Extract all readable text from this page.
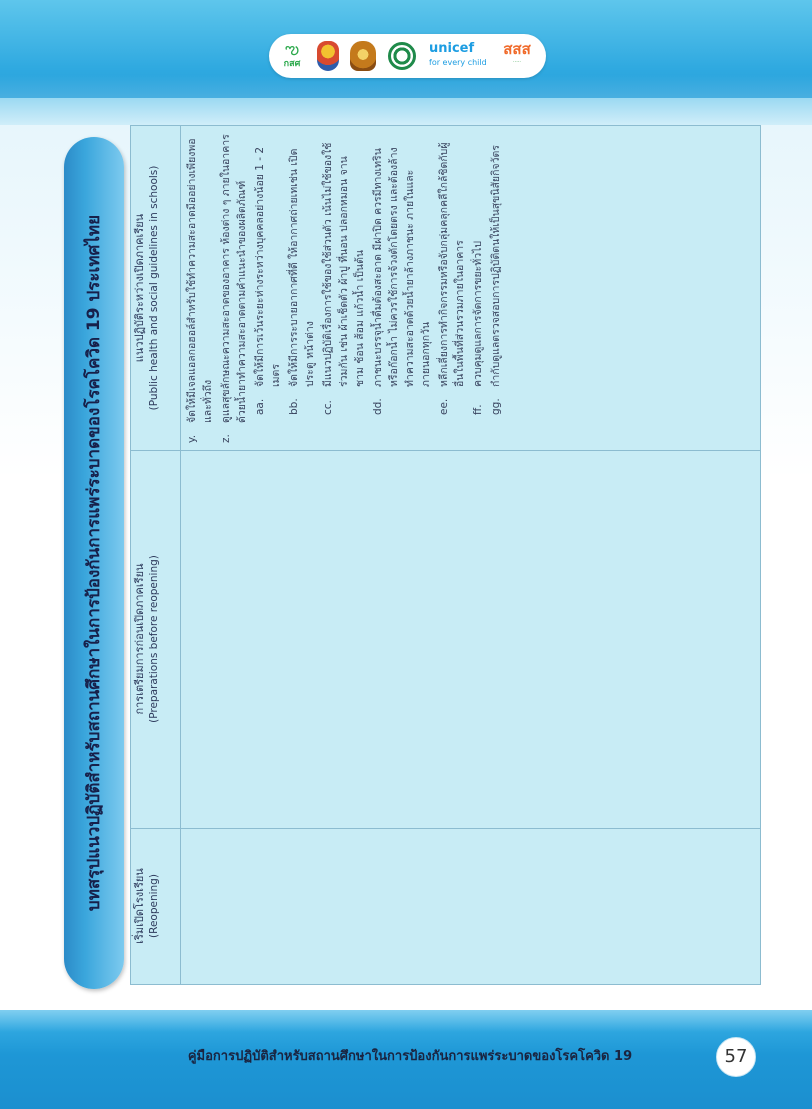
ఌ
กสศ
unicef
for every child
สสส
·····
บทสรุปแนวปฏิบัติสำหรับสถานศึกษาในการป้องกันการแพร่ระบาดของโรคโควิด 19 ประเทศไทย	เริ่มเปิดโรงเรียน (Reopening)
การเตรียมการก่อนเปิดภาคเรียน (Preparations before reopening)
แนวปฏิบัติระหว่างเปิดภาคเรียน (Public health and social guidelines in schools)
y.
จัดให้มีเจลแอลกอฮอล์สำหรับใช้ทำความสะอาดมืออย่างเพียงพอและทั่วถึง
z.
ดูแลสุขลักษณะความสะอาดของอาคาร ห้องต่าง ๆ ภายในอาคาร ด้วยน้ำยาทำความสะอาดตามคำแนะนำของผลิตภัณฑ์ aa.
จัดให้มีการเว้นระยะห่างระหว่างบุคคลอย่างน้อย 1 - 2 เมตร
bb.
จัดให้มีการระบายอากาศที่ดี ให้อากาศถ่ายเทเช่น เปิดประตู หน้าต่าง
cc.
มีแนวปฏิบัติเรื่องการใช้ของใช้ส่วนตัว เน้นไม่ใช้ของใช้ร่วมกัน เช่น ผ้าเช็ดตัว ผ้าปู ที่นอน ปลอกหมอน จาน ชาม ช้อน ส้อม แก้วน้ำ เป็นต้น
dd.
ภาชนะบรรจุน้ำดื่มต้องสะอาด มีฝาปิด ควรมีทางเทรินหรือก๊อกน้ำ ไม่ควรใช้การจ้วงตักโดยตรง และต้องล้างทำความสะอาดด้วยน้ำยาล้างภาชนะ ภายในและภายนอกทุกวัน
ee.
หลีกเลี่ยงการทำกิจกรรมหรือจับกลุ่มคลุกคลีใกล้ชิดกับผู้อื่นในพื้นที่ส่วนรวมภายในอาคาร
ff.
ควบคุมดูแลการจัดการขยะทั่วไป
gg.
กำกับดูแลตรวจสอบการปฏิบัติตนให้เป็นสุขนิสัยกิจวัตร
คู่มือการปฏิบัติสำหรับสถานศึกษาในการป้องกันการแพร่ระบาดของโรคโควิด 19	57
